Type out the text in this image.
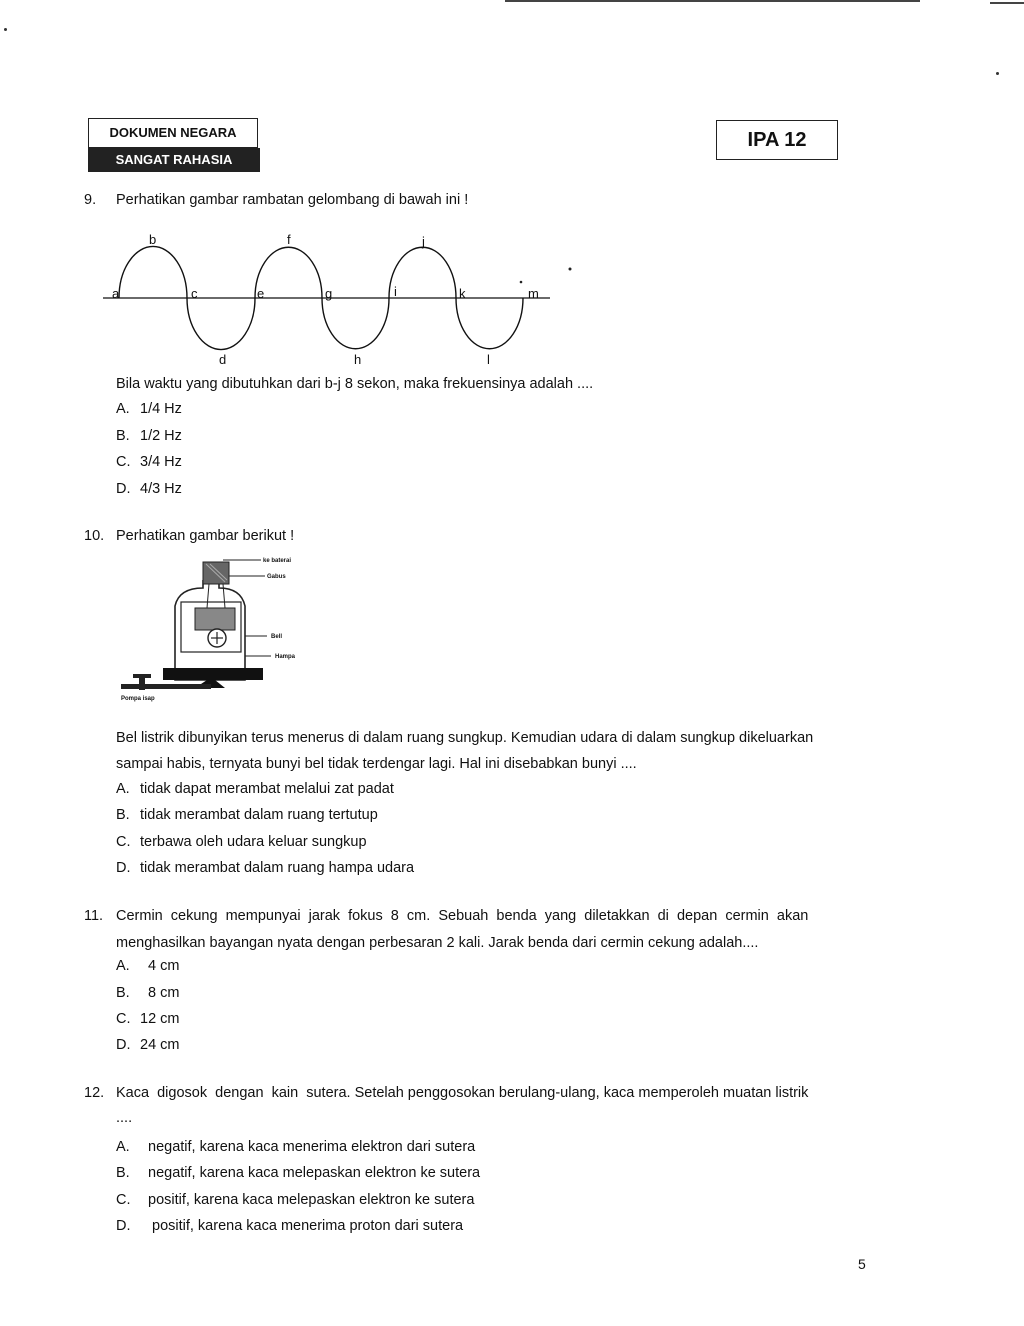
DOKUMEN NEGARA
SANGAT RAHASIA
IPA 12
9. Perhatikan gambar rambatan gelombang di bawah ini !
a
b
c
d
e
f
g
h
i
j
k
l
m
Bila waktu yang dibutuhkan dari b-j 8 sekon, maka frekuensinya adalah ....
A. 1/4 Hz
B. 1/2 Hz
C. 3/4 Hz
D. 4/3 Hz
10. Perhatikan gambar berikut !
ke baterai
Gabus
Bell
Hampa
Pompa isap
Bel listrik dibunyikan terus menerus di dalam ruang sungkup. Kemudian udara di dalam sungkup dikeluarkan
sampai habis, ternyata bunyi bel tidak terdengar lagi. Hal ini disebabkan bunyi ....
A. tidak dapat merambat melalui zat padat
B. tidak merambat dalam ruang tertutup
C. terbawa oleh udara keluar sungkup
D. tidak merambat dalam ruang hampa udara
11. Cermin  cekung  mempunyai  jarak  fokus  8  cm.  Sebuah  benda  yang  diletakkan  di  depan  cermin  akan
menghasilkan bayangan nyata dengan perbesaran 2 kali. Jarak benda dari cermin cekung adalah....
A. 4 cm
B. 8 cm
C. 12 cm
D. 24 cm
12. Kaca  digosok  dengan  kain  sutera. Setelah penggosokan berulang-ulang, kaca memperoleh muatan listrik
....
A. negatif, karena kaca menerima elektron dari sutera
B. negatif, karena kaca melepaskan elektron ke sutera
C. positif, karena kaca melepaskan elektron ke sutera
D. positif, karena kaca menerima proton dari sutera
5
